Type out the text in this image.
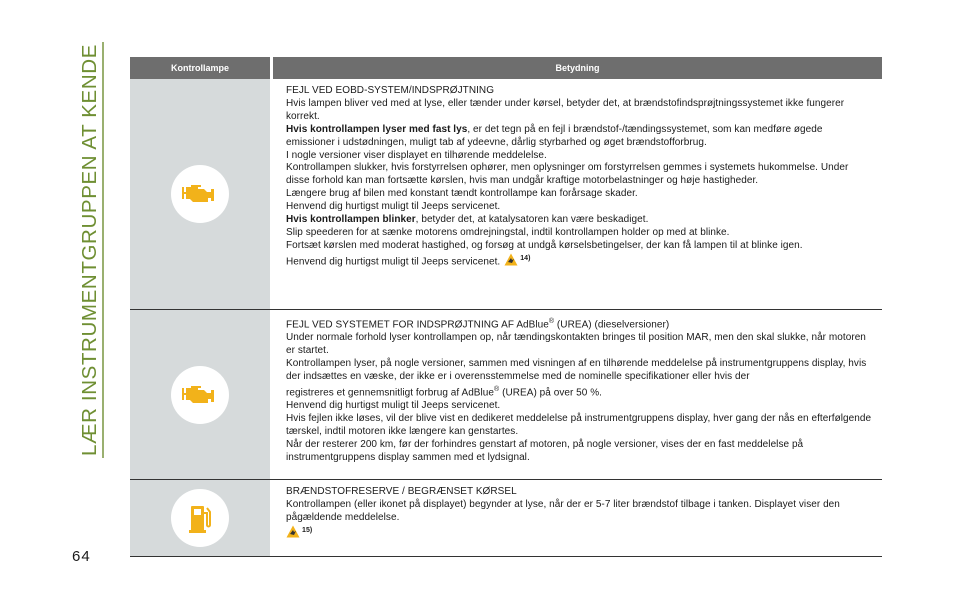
LÆR INSTRUMENTGRUPPEN AT KENDE
64
Kontrollampe	Betydning

FEJL VED EOBD-SYSTEM/INDSPRØJTNING

Hvis lampen bliver ved med at lyse, eller tænder under kørsel, betyder det, at brændstofindsprøjtningssystemet ikke fungerer korrekt.

Hvis kontrollampen lyser med fast lys, er det tegn på en fejl i brændstof-/tændingssystemet, som kan medføre øgede emissioner i udstødningen, muligt tab af ydeevne, dårlig styrbarhed og øget brændstofforbrug.

I nogle versioner viser displayet en tilhørende meddelelse.

Kontrollampen slukker, hvis forstyrrelsen ophører, men oplysninger om forstyrrelsen gemmes i systemets hukommelse. Under disse forhold kan man fortsætte kørslen, hvis man undgår kraftige motorbelastninger og høje hastigheder.

Længere brug af bilen med konstant tændt kontrollampe kan forårsage skader.

Henvend dig hurtigst muligt til Jeeps servicenet.

Hvis kontrollampen blinker, betyder det, at katalysatoren kan være beskadiget.

Slip speederen for at sænke motorens omdrejningstal, indtil kontrollampen holder op med at blinke.

Fortsæt kørslen med moderat hastighed, og forsøg at undgå kørselsbetingelser, der kan få lampen til at blinke igen.

Henvend dig hurtigst muligt til Jeeps servicenet.	$^{14)}$

FEJL VED SYSTEMET FOR INDSPRØJTNING AF AdBlue® (UREA) (dieselversioner)

Under normale forhold lyser kontrollampen op, når tændingskontakten bringes til position MAR, men den skal slukke, når motoren er startet.

Kontrollampen lyser, på nogle versioner, sammen med visningen af en tilhørende meddelelse på instrumentgruppens display, hvis der indsættes en væske, der ikke er i overensstemmelse med de nominelle specifikationer eller hvis der

registreres et gennemsnitligt forbrug af AdBlue® (UREA) på over 50 %.

Henvend dig hurtigst muligt til Jeeps servicenet.

Hvis fejlen ikke løses, vil der blive vist en dedikeret meddelelse på instrumentgruppens display, hver gang der nås en efterfølgende tærskel, indtil motoren ikke længere kan genstartes.

Når der resterer 200 km, før der forhindres genstart af motoren, på nogle versioner, vises der en fast meddelelse på instrumentgruppens display sammen med et lydsignal.

BRÆNDSTOFRESERVE / BEGRÆNSET KØRSEL

Kontrollampen (eller ikonet på displayet) begynder at lyse, når der er 5-7 liter brændstof tilbage i tanken. Displayet viser den pågældende meddelelse.

$^{15)}$
